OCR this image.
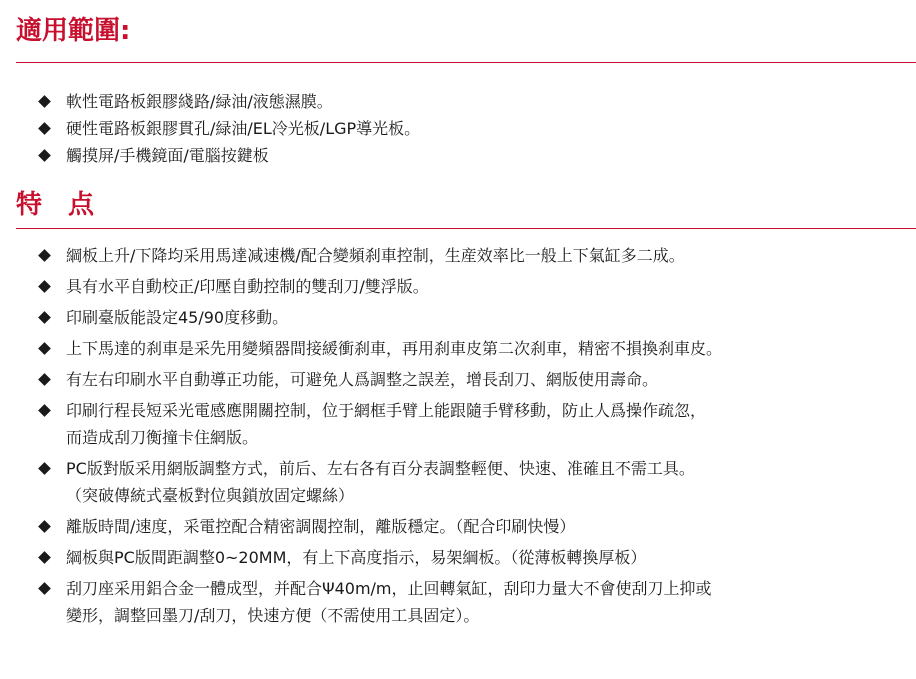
適用範圍:
軟性電路板銀膠綫路/緑油/液態濕膜。
硬性電路板銀膠貫孔/緑油/EL冷光板/LGP導光板。
觸摸屏/手機鏡面/電腦按鍵板
特　点
綱板上升/下降均采用馬達减速機/配合變頻刹車控制，生産效率比一般上下氣缸多二成。
具有水平自動校正/印壓自動控制的雙刮刀/雙浮版。
印刷臺版能設定45/90度移動。
上下馬達的刹車是采先用變頻器間接緩衝刹車，再用刹車皮第二次刹車，精密不損換刹車皮。
有左右印刷水平自動導正功能，可避免人爲調整之誤差，增長刮刀、網版使用壽命。
印刷行程長短采光電感應開關控制，位于網框手臂上能跟隨手臂移動，防止人爲操作疏忽，
而造成刮刀衡撞卡住網版。
PC版對版采用網版調整方式，前后、左右各有百分表調整輕便、快速、准確且不需工具。
（突破傳統式臺板對位與鎖放固定螺絲）
離版時間/速度，采電控配合精密調閥控制，離版穩定。（配合印刷快慢）
綱板與PC版間距調整0~20MM，有上下高度指示，易架綱板。（從薄板轉換厚板）
刮刀座采用鋁合金一體成型，并配合Ψ40m/m，止回轉氣缸，刮印力量大不會使刮刀上抑或
變形，調整回墨刀/刮刀，快速方便（不需使用工具固定）。
